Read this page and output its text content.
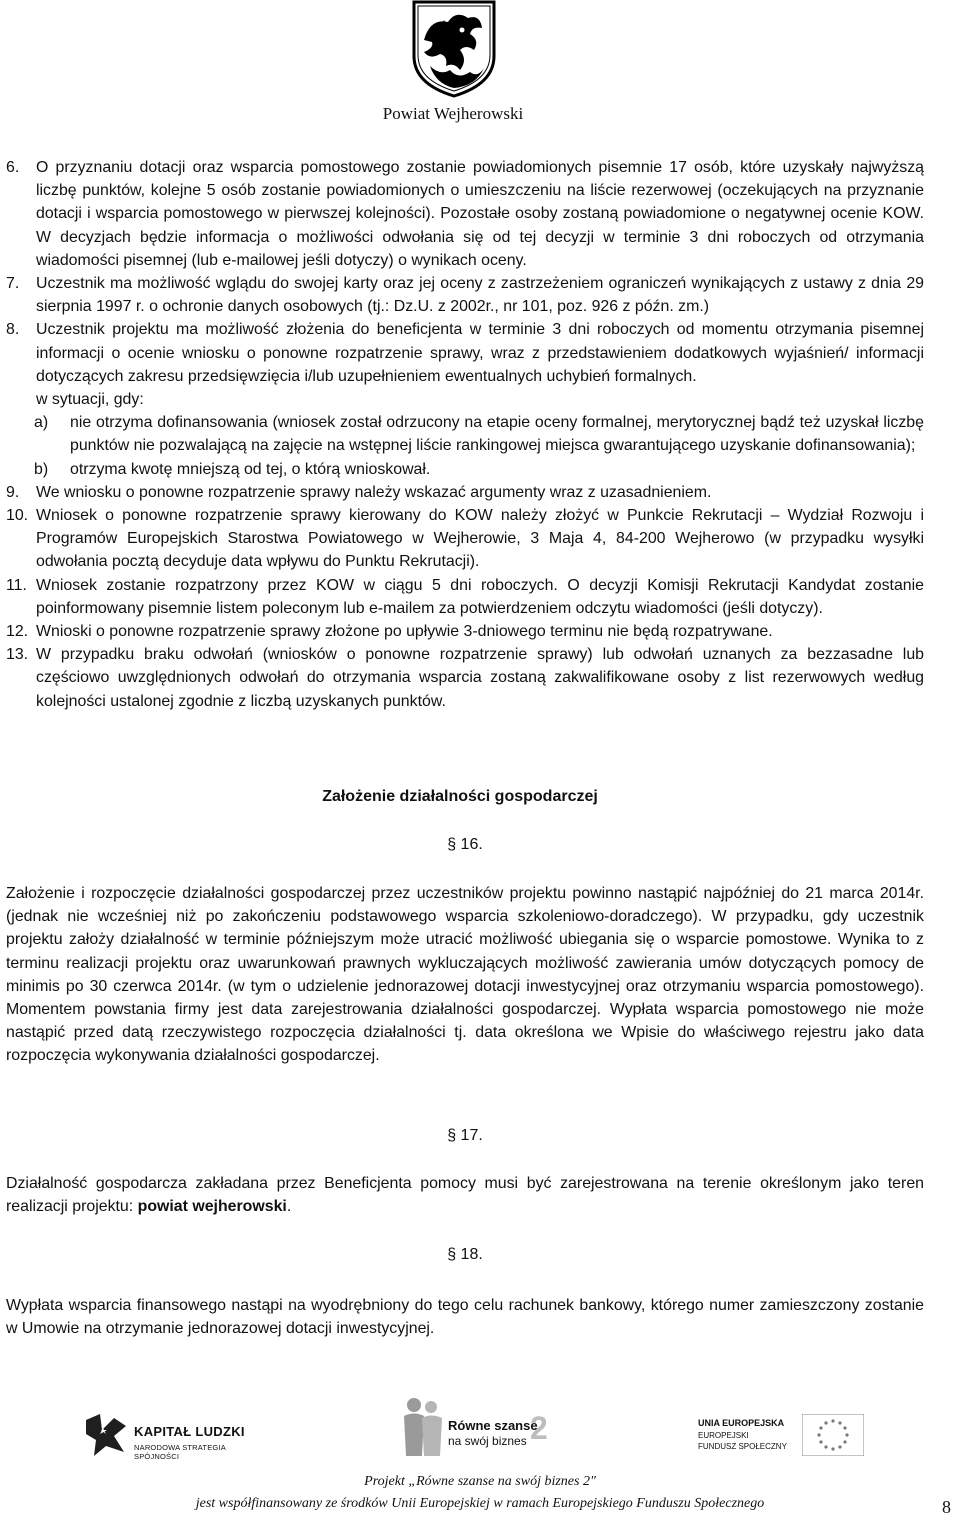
Powiat Wejherowski
6. O przyznaniu dotacji oraz wsparcia pomostowego zostanie powiadomionych pisemnie 17 osób, które uzyskały najwyższą liczbę punktów, kolejne 5 osób zostanie powiadomionych o umieszczeniu na liście rezerwowej (oczekujących na przyznanie dotacji i wsparcia pomostowego w pierwszej kolejności). Pozostałe osoby zostaną powiadomione o negatywnej ocenie KOW. W decyzjach będzie informacja o możliwości odwołania się od tej decyzji w terminie 3 dni roboczych od otrzymania wiadomości pisemnej (lub e-mailowej jeśli dotyczy) o wynikach oceny.
7. Uczestnik ma możliwość wglądu do swojej karty oraz jej oceny z zastrzeżeniem ograniczeń wynikających z ustawy z dnia 29 sierpnia 1997 r. o ochronie danych osobowych (tj.: Dz.U. z 2002r., nr 101, poz. 926 z późn. zm.)
8. Uczestnik projektu ma możliwość złożenia do beneficjenta w terminie 3 dni roboczych od momentu otrzymania pisemnej informacji o ocenie wniosku o ponowne rozpatrzenie sprawy, wraz z przedstawieniem dodatkowych wyjaśnień/ informacji dotyczących zakresu przedsięwzięcia i/lub uzupełnieniem ewentualnych uchybień formalnych.
w sytuacji, gdy:
a) nie otrzyma dofinansowania (wniosek został odrzucony na etapie oceny formalnej, merytorycznej bądź też uzyskał liczbę punktów nie pozwalającą na zajęcie na wstępnej liście rankingowej miejsca gwarantującego uzyskanie dofinansowania);
b) otrzyma kwotę mniejszą od tej, o którą wnioskował.
9. We wniosku o ponowne rozpatrzenie sprawy należy wskazać argumenty wraz z uzasadnieniem.
10. Wniosek o ponowne rozpatrzenie sprawy kierowany do KOW należy złożyć w Punkcie Rekrutacji – Wydział Rozwoju i Programów Europejskich Starostwa Powiatowego w Wejherowie, 3 Maja 4, 84-200 Wejherowo (w przypadku wysyłki odwołania pocztą decyduje data wpływu do Punktu Rekrutacji).
11. Wniosek zostanie rozpatrzony przez KOW w ciągu 5 dni roboczych. O decyzji Komisji Rekrutacji Kandydat zostanie poinformowany pisemnie listem poleconym lub e-mailem za potwierdzeniem odczytu wiadomości (jeśli dotyczy).
12. Wnioski o ponowne rozpatrzenie sprawy złożone po upływie 3-dniowego terminu nie będą rozpatrywane.
13. W przypadku braku odwołań (wniosków o ponowne rozpatrzenie sprawy) lub odwołań uznanych za bezzasadne lub częściowo uwzględnionych odwołań do otrzymania wsparcia zostaną zakwalifikowane osoby z list rezerwowych według kolejności ustalonej zgodnie z liczbą uzyskanych punktów.
Założenie działalności gospodarczej
§ 16.
Założenie i rozpoczęcie działalności gospodarczej przez uczestników projektu powinno nastąpić najpóźniej do 21 marca 2014r. (jednak nie wcześniej niż po zakończeniu podstawowego wsparcia szkoleniowo-doradczego). W przypadku, gdy uczestnik projektu założy działalność w terminie późniejszym może utracić możliwość ubiegania się o wsparcie pomostowe. Wynika to z terminu realizacji projektu oraz uwarunkowań prawnych wykluczających możliwość zawierania umów dotyczących pomocy de minimis po 30 czerwca 2014r. (w tym o udzielenie jednorazowej dotacji inwestycyjnej oraz otrzymaniu wsparcia pomostowego). Momentem powstania firmy jest data zarejestrowania działalności gospodarczej. Wypłata wsparcia pomostowego nie może nastąpić przed datą rzeczywistego rozpoczęcia działalności tj. data określona we Wpisie do właściwego rejestru jako data rozpoczęcia wykonywania działalności gospodarczej.
§ 17.
Działalność gospodarcza zakładana przez Beneficjenta pomocy musi być zarejestrowana na terenie określonym jako teren realizacji projektu: powiat wejherowski.
§ 18.
Wypłata wsparcia finansowego nastąpi na wyodrębniony do tego celu rachunek bankowy, którego numer zamieszczony zostanie w Umowie na otrzymanie jednorazowej dotacji inwestycyjnej.
KAPITAŁ LUDZKI
NARODOWA STRATEGIA SPÓJNOŚCI
Równe szanse
na swój biznes 2	UNIA EUROPEJSKA
EUROPEJSKI
FUNDUSZ SPOŁECZNY
Projekt „Równe szanse na swój biznes 2"
jest współfinansowany ze środków Unii Europejskiej w ramach Europejskiego Funduszu Społecznego	8
